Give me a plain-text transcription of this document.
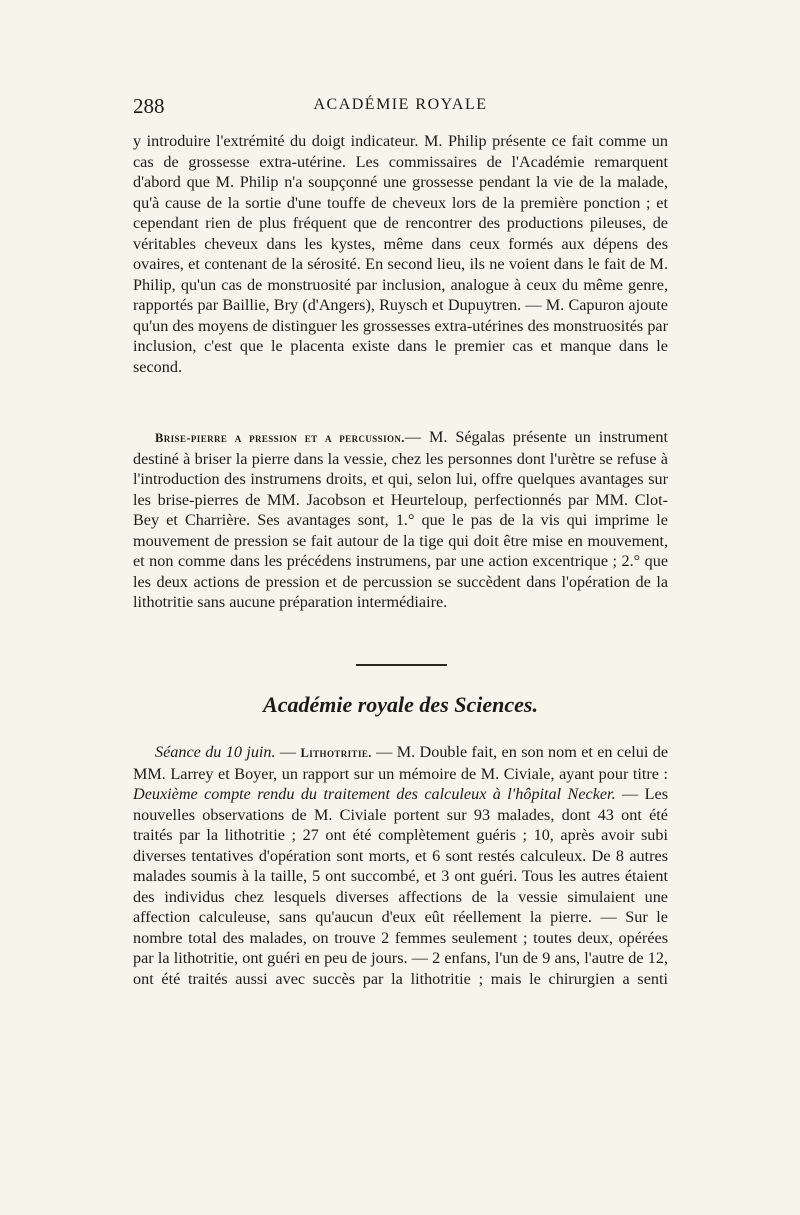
288	ACADÉMIE ROYALE

y introduire l'extrémité du doigt indicateur. M. Philip présente ce fait comme un cas de grossesse extra-utérine. Les commissaires de l'Académie remarquent d'abord que M. Philip n'a soupçonné une grossesse pendant la vie de la malade, qu'à cause de la sortie d'une touffe de cheveux lors de la première ponction ; et cependant rien de plus fréquent que de rencontrer des productions pileuses, de véritables cheveux dans les kystes, même dans ceux formés aux dépens des ovaires, et contenant de la sérosité. En second lieu, ils ne voient dans le fait de M. Philip, qu'un cas de monstruosité par inclusion, analogue à ceux du même genre, rapportés par Baillie, Bry (d'Angers), Ruysch et Dupuytren. — M. Capuron ajoute qu'un des moyens de distinguer les grossesses extra-utérines des monstruosités par inclusion, c'est que le placenta existe dans le premier cas et manque dans le second.

Brise-pierre a pression et a percussion.— M. Ségalas présente un instrument destiné à briser la pierre dans la vessie, chez les personnes dont l'urètre se refuse à l'introduction des instrumens droits, et qui, selon lui, offre quelques avantages sur les brise-pierres de MM. Jacobson et Heurteloup, perfectionnés par MM. Clot-Bey et Charrière. Ses avantages sont, 1.° que le pas de la vis qui imprime le mouvement de pression se fait autour de la tige qui doit être mise en mouvement, et non comme dans les précédens instrumens, par une action excentrique ; 2.° que les deux actions de pression et de percussion se succèdent dans l'opération de la lithotritie sans aucune préparation intermédiaire.

Académie royale des Sciences.

Séance du 10 juin. — Lithotritie. — M. Double fait, en son nom et en celui de MM. Larrey et Boyer, un rapport sur un mémoire de M. Civiale, ayant pour titre : Deuxième compte rendu du traitement des calculeux à l'hôpital Necker. — Les nouvelles observations de M. Civiale portent sur 93 malades, dont 43 ont été traités par la lithotritie ; 27 ont été complètement guéris ; 10, après avoir subi diverses tentatives d'opération sont morts, et 6 sont restés calculeux. De 8 autres malades soumis à la taille, 5 ont succombé, et 3 ont guéri. Tous les autres étaient des individus chez lesquels diverses affections de la vessie simulaient une affection calculeuse, sans qu'aucun d'eux eût réellement la pierre. — Sur le nombre total des malades, on trouve 2 femmes seulement ; toutes deux, opérées par la lithotritie, ont guéri en peu de jours. — 2 enfans, l'un de 9 ans, l'autre de 12, ont été traités aussi avec succès par la lithotritie ; mais le chirurgien a senti
